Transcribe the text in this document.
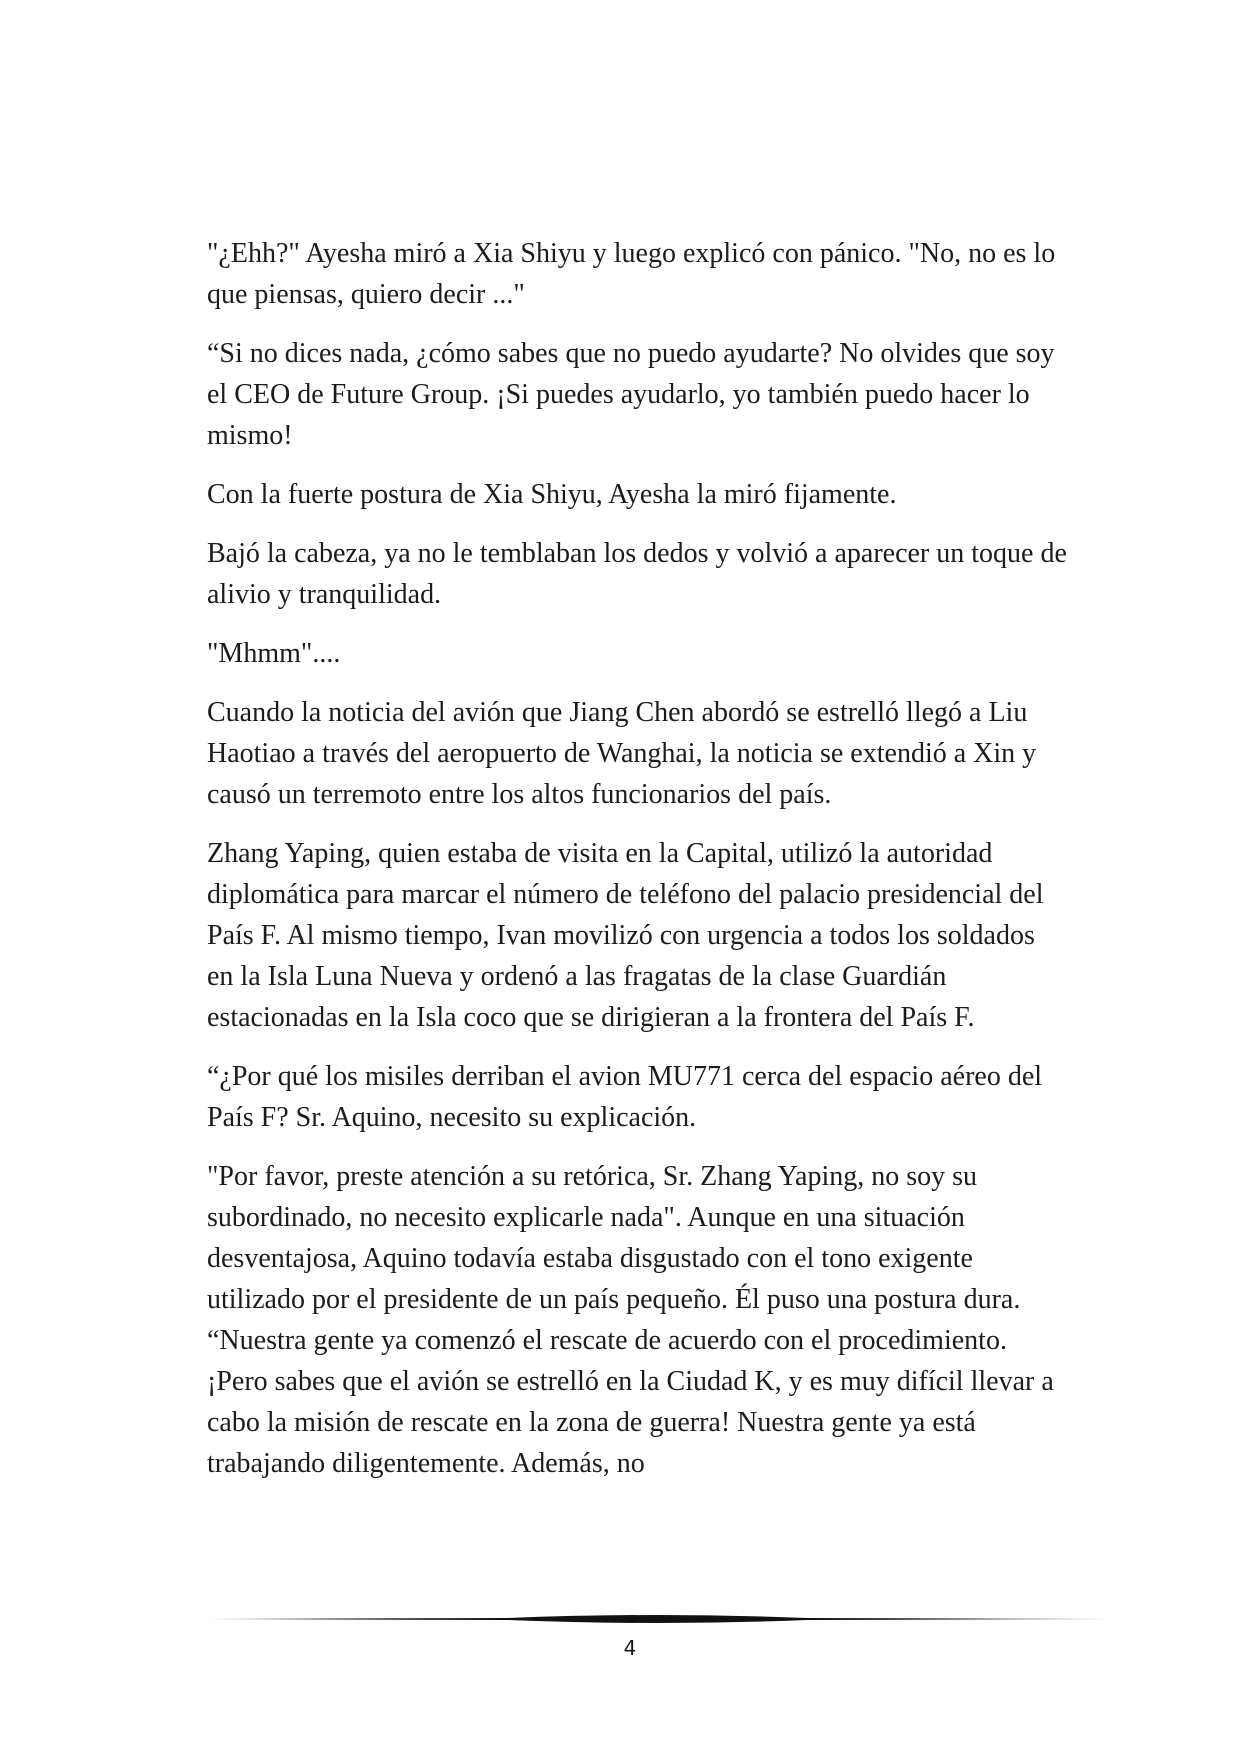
"¿Ehh?" Ayesha miró a Xia Shiyu y luego explicó con pánico. "No, no es lo que piensas, quiero decir ..."

“Si no dices nada, ¿cómo sabes que no puedo ayudarte? No olvides que soy el CEO de Future Group. ¡Si puedes ayudarlo, yo también puedo hacer lo mismo!

Con la fuerte postura de Xia Shiyu, Ayesha la miró fijamente.

Bajó la cabeza, ya no le temblaban los dedos y volvió a aparecer un toque de alivio y tranquilidad.

"Mhmm"....

Cuando la noticia del avión que Jiang Chen abordó se estrelló llegó a Liu Haotiao a través del aeropuerto de Wanghai, la noticia se extendió a Xin y causó un terremoto entre los altos funcionarios del país.

Zhang Yaping, quien estaba de visita en la Capital, utilizó la autoridad diplomática para marcar el número de teléfono del palacio presidencial del País F. Al mismo tiempo, Ivan movilizó con urgencia a todos los soldados en la Isla Luna Nueva y ordenó a las fragatas de la clase Guardián estacionadas en la Isla coco que se dirigieran a la frontera del País F.

“¿Por qué los misiles derriban el avion MU771 cerca del espacio aéreo del País F? Sr. Aquino, necesito su explicación.

"Por favor, preste atención a su retórica, Sr. Zhang Yaping, no soy su subordinado, no necesito explicarle nada". Aunque en una situación desventajosa, Aquino todavía estaba disgustado con el tono exigente utilizado por el presidente de un país pequeño. Él puso una postura dura. “Nuestra gente ya comenzó el rescate de acuerdo con el procedimiento. ¡Pero sabes que el avión se estrelló en la Ciudad K, y es muy difícil llevar a cabo la misión de rescate en la zona de guerra! Nuestra gente ya está trabajando diligentemente. Además, no

4
